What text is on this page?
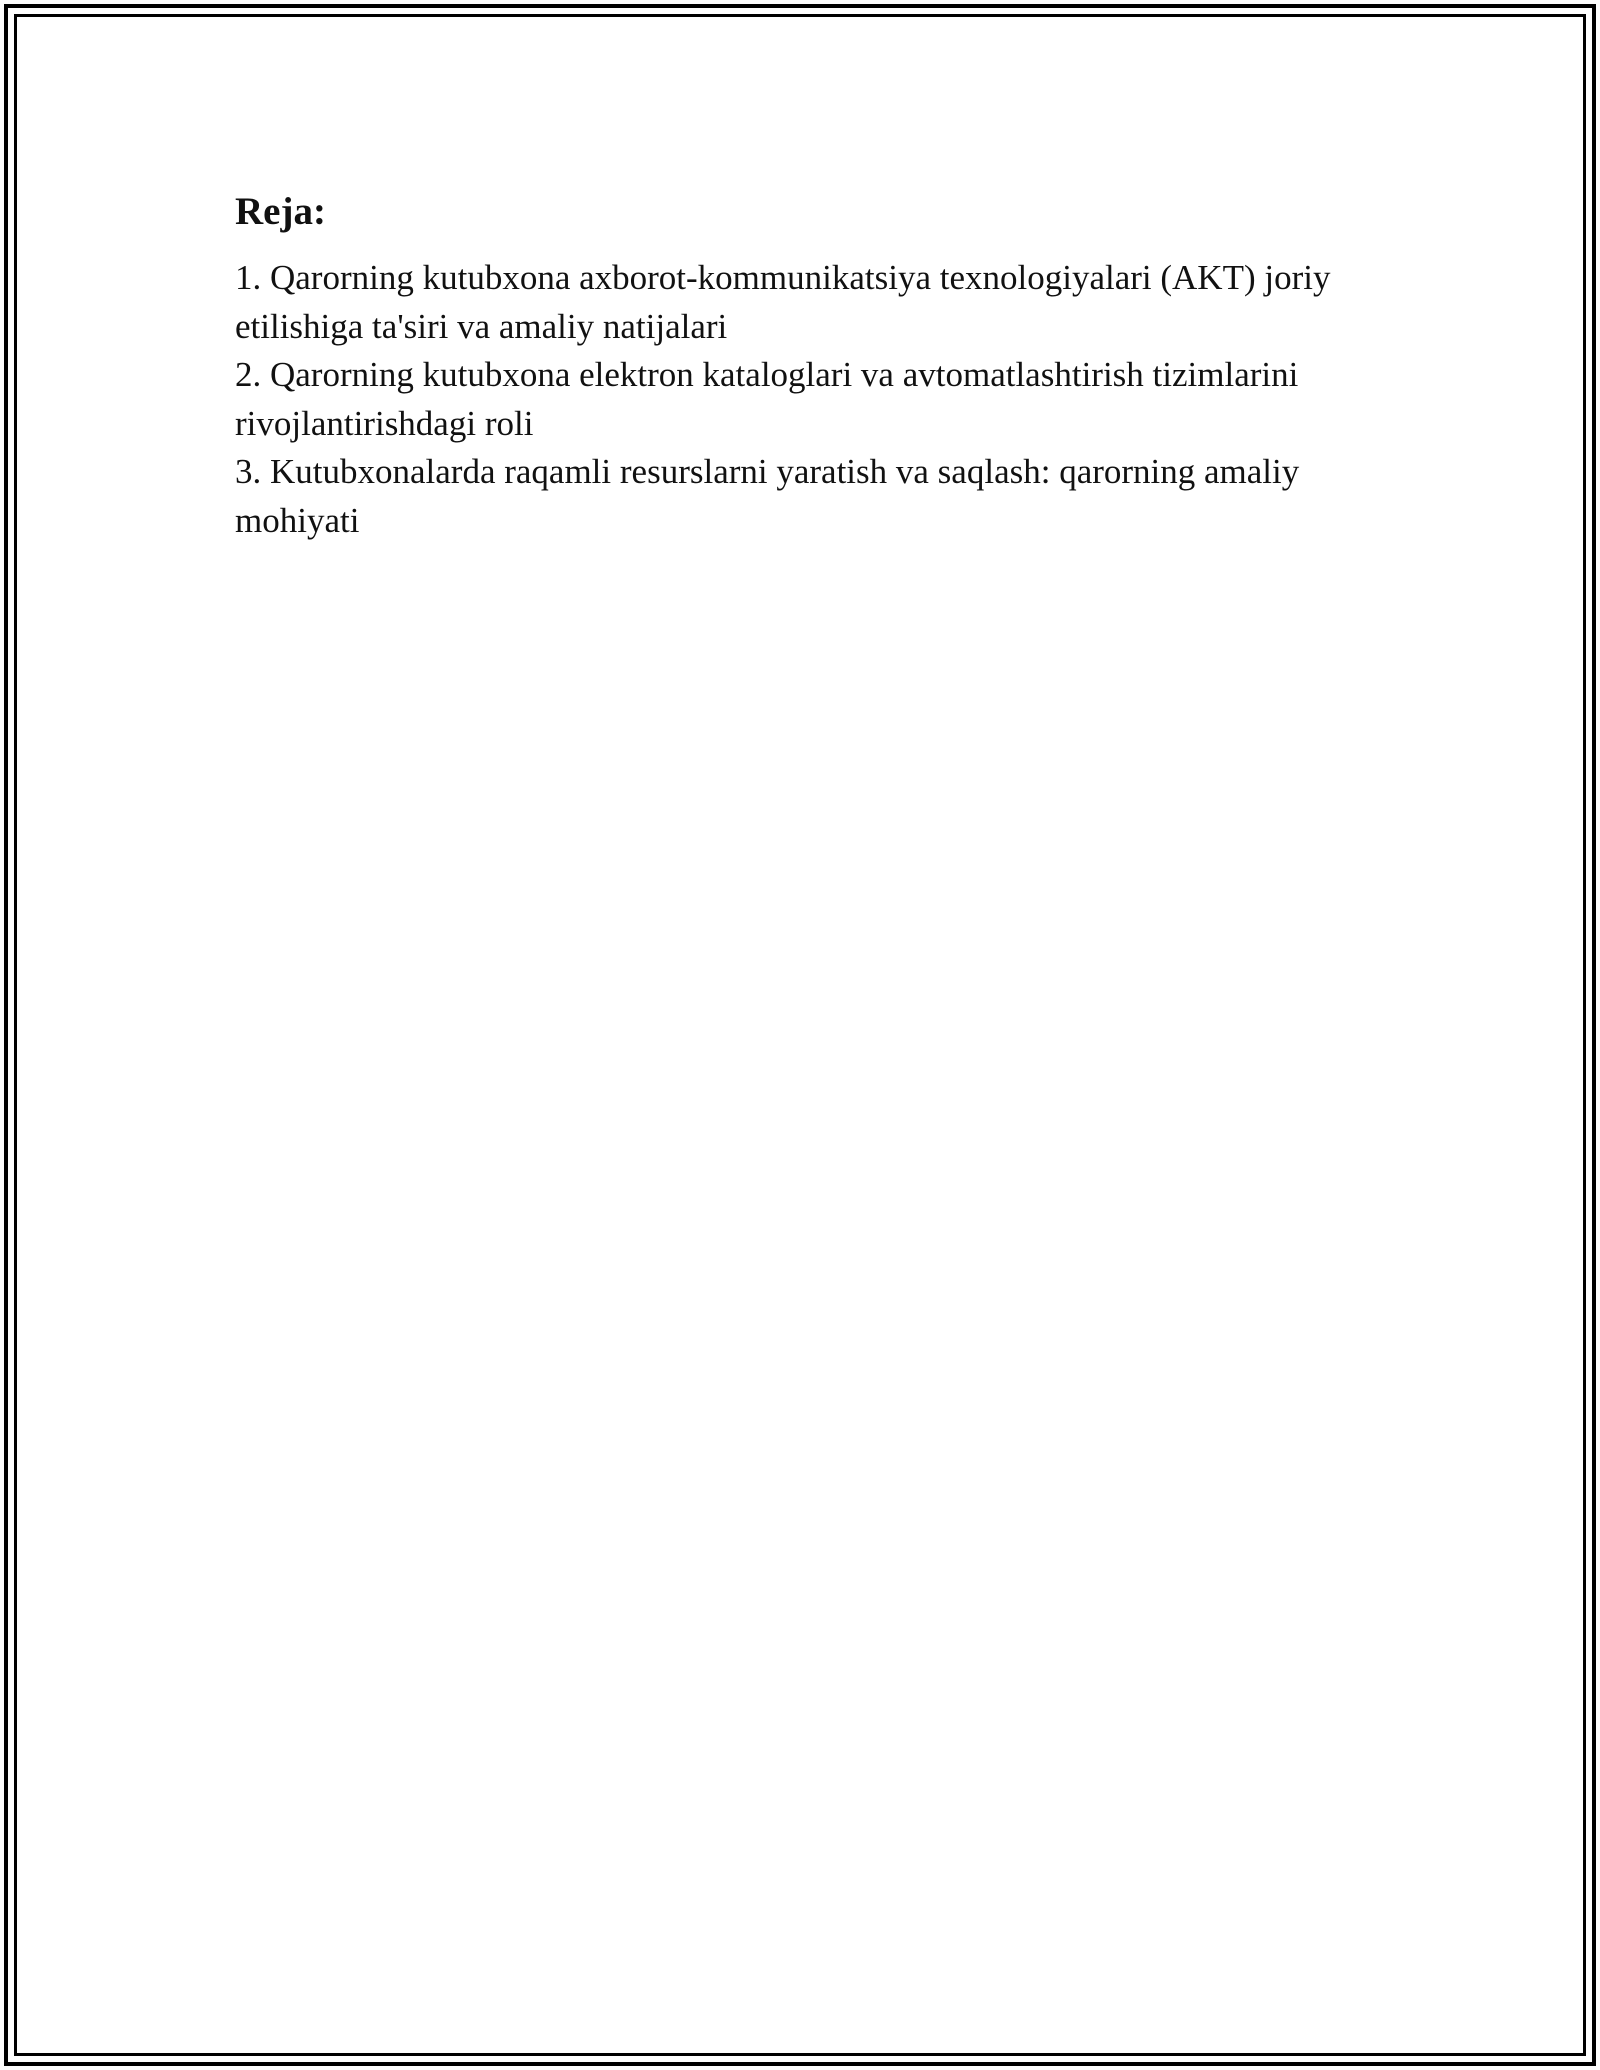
Reja:
1. Qarorning kutubxona axborot-kommunikatsiya texnologiyalari (AKT) joriy etilishiga ta'siri va amaliy natijalari
2. Qarorning kutubxona elektron kataloglari va avtomatlashtirish tizimlarini rivojlantirishdagi roli
3. Kutubxonalarda raqamli resurslarni yaratish va saqlash: qarorning amaliy mohiyati
